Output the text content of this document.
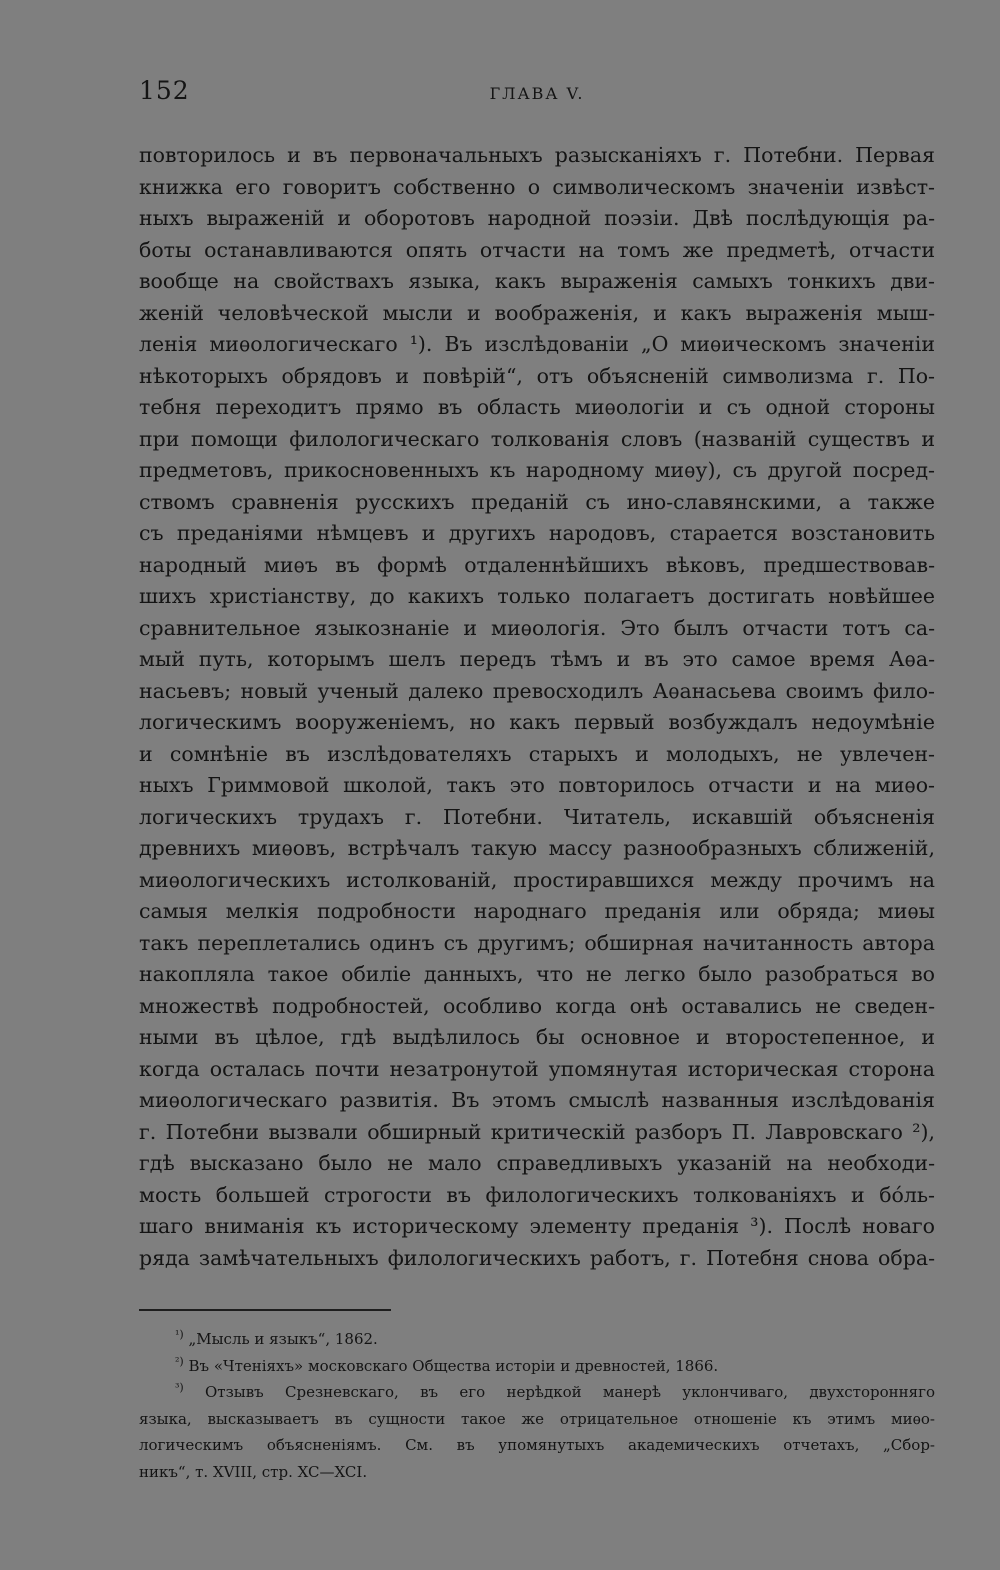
152	ГЛАВА V.
повторилось и въ первоначальныхъ разысканіяхъ г. Потебни. Первая
книжка его говоритъ собственно о символическомъ значеніи извѣст-
ныхъ выраженій и оборотовъ народной поэзіи. Двѣ послѣдующія ра-
боты останавливаются опять отчасти на томъ же предметѣ, отчасти
вообще на свойствахъ языка, какъ выраженія самыхъ тонкихъ дви-
женій человѣческой мысли и воображенія, и какъ выраженія мыш-
ленія миѳологическаго ¹). Въ изслѣдованіи „О миѳическомъ значеніи
нѣкоторыхъ обрядовъ и повѣрій“, отъ объясненій символизма г. По-
тебня переходитъ прямо въ область миѳологіи и съ одной стороны
при помощи филологическаго толкованія словъ (названій существъ и
предметовъ, прикосновенныхъ къ народному миѳу), съ другой посред-
ствомъ сравненія русскихъ преданій съ ино-славянскими, а также
съ преданіями нѣмцевъ и другихъ народовъ, старается возстановить
народный миѳъ въ формѣ отдаленнѣйшихъ вѣковъ, предшествовав-
шихъ христіанству, до какихъ только полагаетъ достигать новѣйшее
сравнительное языкознаніе и миѳологія. Это былъ отчасти тотъ са-
мый путь, которымъ шелъ передъ тѣмъ и въ это самое время Аѳа-
насьевъ; новый ученый далеко превосходилъ Аѳанасьева своимъ фило-
логическимъ вооруженіемъ, но какъ первый возбуждалъ недоумѣніе
и сомнѣніе въ изслѣдователяхъ старыхъ и молодыхъ, не увлечен-
ныхъ Гриммовой школой, такъ это повторилось отчасти и на миѳо-
логическихъ трудахъ г. Потебни. Читатель, искавшій объясненія
древнихъ миѳовъ, встрѣчалъ такую массу разнообразныхъ сближеній,
миѳологическихъ истолкованій, простиравшихся между прочимъ на
самыя мелкія подробности народнаго преданія или обряда; миѳы
такъ переплетались одинъ съ другимъ; обширная начитанность автора
накопляла такое обиліе данныхъ, что не легко было разобраться во
множествѣ подробностей, особливо когда онѣ оставались не сведен-
ными въ цѣлое, гдѣ выдѣлилось бы основное и второстепенное, и
когда осталась почти незатронутой упомянутая историческая сторона
миѳологическаго развитія. Въ этомъ смыслѣ названныя изслѣдованія
г. Потебни вызвали обширный критическій разборъ П. Лавровскаго ²),
гдѣ высказано было не мало справедливыхъ указаній на необходи-
мость большей строгости въ филологическихъ толкованіяхъ и бо́ль-
шаго вниманія къ историческому элементу преданія ³). Послѣ новаго
ряда замѣчательныхъ филологическихъ работъ, г. Потебня снова обра-
$^{^1)}$ „Мысль и языкъ“, 1862.
$^{^2)}$ Въ «Чтеніяхъ» московскаго Общества исторіи и древностей, 1866.
$^{^3)}$ Отзывъ Срезневскаго, въ его нерѣдкой манерѣ уклончиваго, двухсторонняго
языка, высказываетъ въ сущности такое же отрицательное отношеніе къ этимъ миѳо-
логическимъ объясненіямъ. См. въ упомянутыхъ академическихъ отчетахъ, „Сбор-
никъ“, т. XVIII, стр. XC—XCI.
